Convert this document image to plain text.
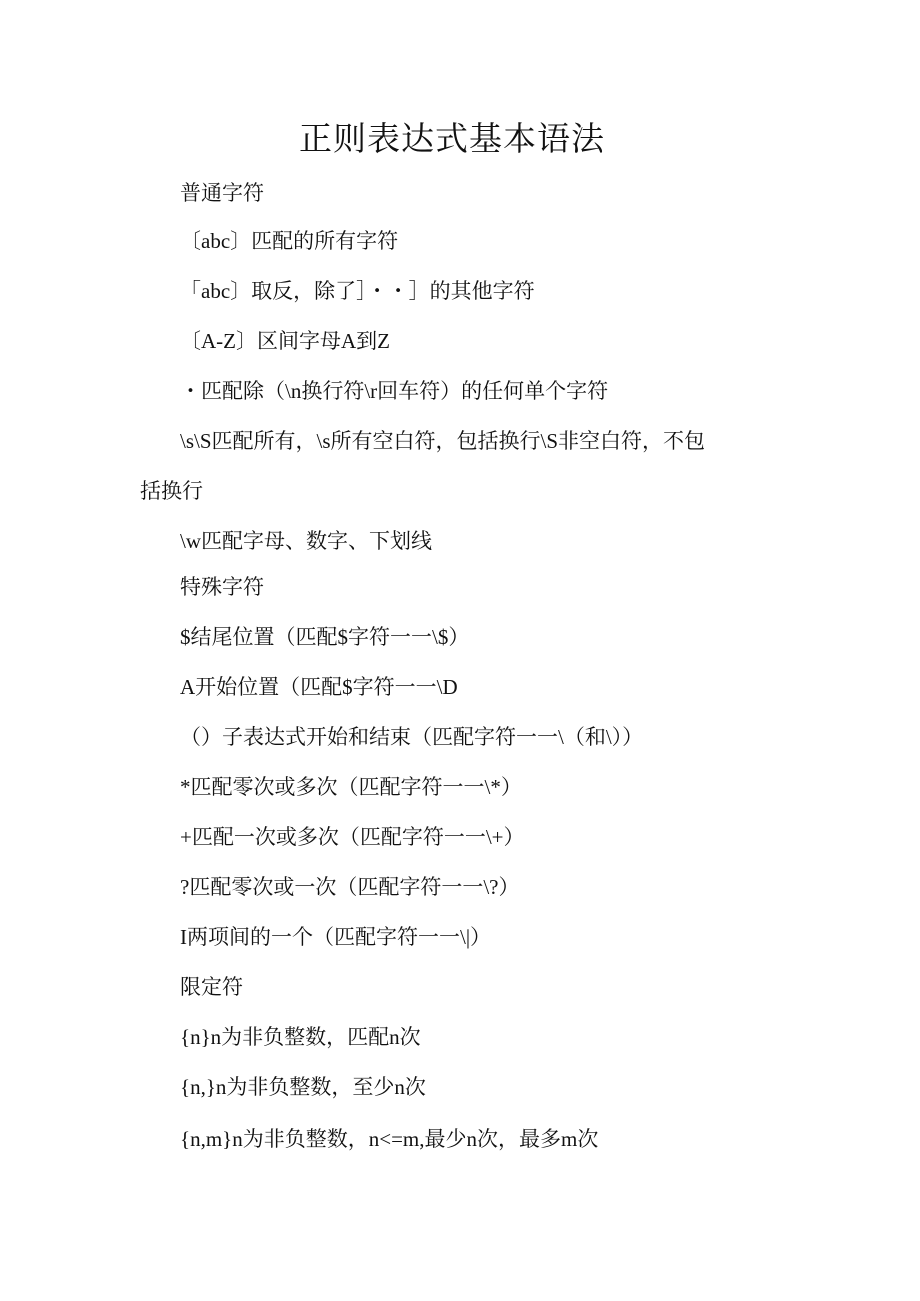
正则表达式基本语法
普通字符
〔abc〕匹配的所有字符
「abc〕取反，除了］・・］的其他字符
〔A-Z〕区间字母A到Z
・匹配除（\n换行符\r回车符）的任何单个字符
\s\S匹配所有，\s所有空白符，包括换行\S非空白符，不包
括换行
\w匹配字母、数字、下划线
特殊字符
$结尾位置（匹配$字符一一\$）
A开始位置（匹配$字符一一\D
（）子表达式开始和结束（匹配字符一一\（和\））
*匹配零次或多次（匹配字符一一\*）
+匹配一次或多次（匹配字符一一\+）
?匹配零次或一次（匹配字符一一\?）
I两项间的一个（匹配字符一一\|）
限定符
{n}n为非负整数，匹配n次
{n,}n为非负整数，至少n次
{n,m}n为非负整数，n<=m,最少n次，最多m次
